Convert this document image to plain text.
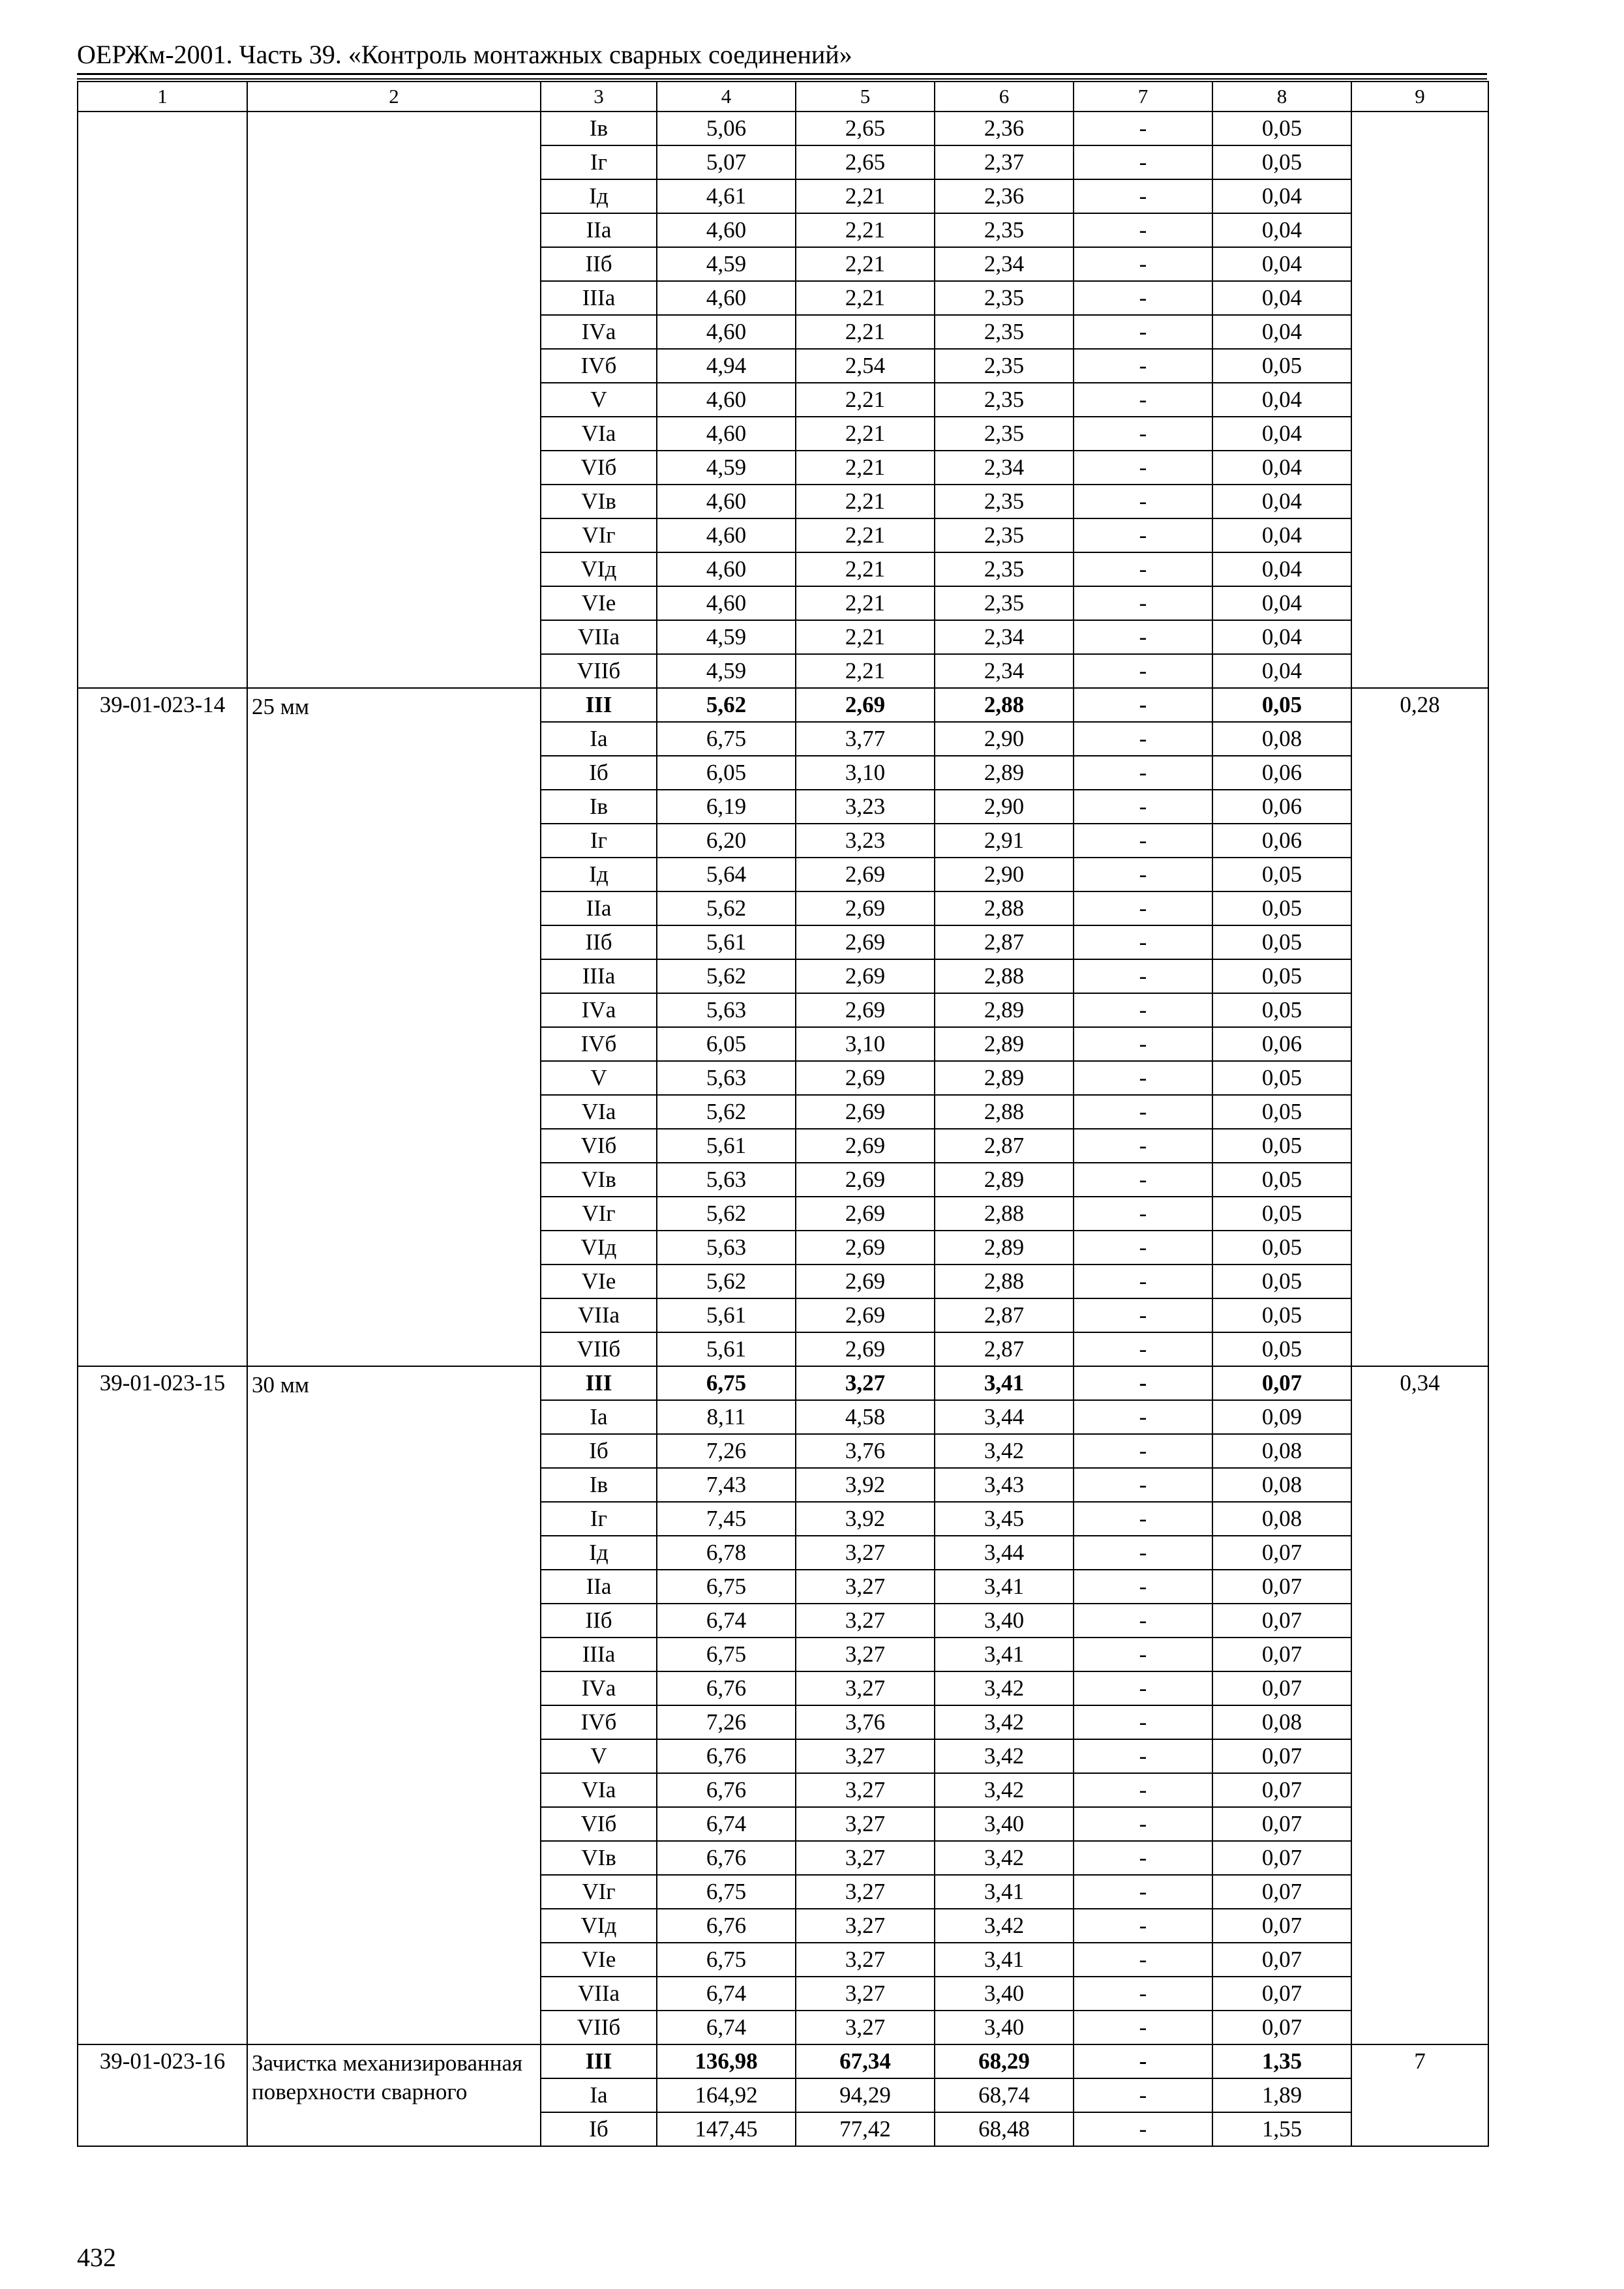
ОЕРЖм-2001. Часть 39. «Контроль монтажных сварных соединений»
1	2	3	4	5	6	7	8	9
		Iв	5,06	2,65	2,36	-	0,05	
		Iг	5,07	2,65	2,37	-	0,05	
		Iд	4,61	2,21	2,36	-	0,04	
		IIа	4,60	2,21	2,35	-	0,04	
		IIб	4,59	2,21	2,34	-	0,04	
		IIIа	4,60	2,21	2,35	-	0,04	
		IVа	4,60	2,21	2,35	-	0,04	
		IVб	4,94	2,54	2,35	-	0,05	
		V	4,60	2,21	2,35	-	0,04	
		VIа	4,60	2,21	2,35	-	0,04	
		VIб	4,59	2,21	2,34	-	0,04	
		VIв	4,60	2,21	2,35	-	0,04	
		VIг	4,60	2,21	2,35	-	0,04	
		VIд	4,60	2,21	2,35	-	0,04	
		VIе	4,60	2,21	2,35	-	0,04	
		VIIа	4,59	2,21	2,34	-	0,04	
		VIIб	4,59	2,21	2,34	-	0,04	
39-01-023-14	25 мм	III	5,62	2,69	2,88	-	0,05	0,28
		Iа	6,75	3,77	2,90	-	0,08	
		Iб	6,05	3,10	2,89	-	0,06	
		Iв	6,19	3,23	2,90	-	0,06	
		Iг	6,20	3,23	2,91	-	0,06	
		Iд	5,64	2,69	2,90	-	0,05	
		IIа	5,62	2,69	2,88	-	0,05	
		IIб	5,61	2,69	2,87	-	0,05	
		IIIа	5,62	2,69	2,88	-	0,05	
		IVа	5,63	2,69	2,89	-	0,05	
		IVб	6,05	3,10	2,89	-	0,06	
		V	5,63	2,69	2,89	-	0,05	
		VIа	5,62	2,69	2,88	-	0,05	
		VIб	5,61	2,69	2,87	-	0,05	
		VIв	5,63	2,69	2,89	-	0,05	
		VIг	5,62	2,69	2,88	-	0,05	
		VIд	5,63	2,69	2,89	-	0,05	
		VIе	5,62	2,69	2,88	-	0,05	
		VIIа	5,61	2,69	2,87	-	0,05	
		VIIб	5,61	2,69	2,87	-	0,05	
39-01-023-15	30 мм	III	6,75	3,27	3,41	-	0,07	0,34
		Iа	8,11	4,58	3,44	-	0,09	
		Iб	7,26	3,76	3,42	-	0,08	
		Iв	7,43	3,92	3,43	-	0,08	
		Iг	7,45	3,92	3,45	-	0,08	
		Iд	6,78	3,27	3,44	-	0,07	
		IIа	6,75	3,27	3,41	-	0,07	
		IIб	6,74	3,27	3,40	-	0,07	
		IIIа	6,75	3,27	3,41	-	0,07	
		IVа	6,76	3,27	3,42	-	0,07	
		IVб	7,26	3,76	3,42	-	0,08	
		V	6,76	3,27	3,42	-	0,07	
		VIа	6,76	3,27	3,42	-	0,07	
		VIб	6,74	3,27	3,40	-	0,07	
		VIв	6,76	3,27	3,42	-	0,07	
		VIг	6,75	3,27	3,41	-	0,07	
		VIд	6,76	3,27	3,42	-	0,07	
		VIе	6,75	3,27	3,41	-	0,07	
		VIIа	6,74	3,27	3,40	-	0,07	
		VIIб	6,74	3,27	3,40	-	0,07	
39-01-023-16	Зачистка механизированная поверхности сварного	III	136,98	67,34	68,29	-	1,35	7
		Iа	164,92	94,29	68,74	-	1,89	
		Iб	147,45	77,42	68,48	-	1,55	
432
